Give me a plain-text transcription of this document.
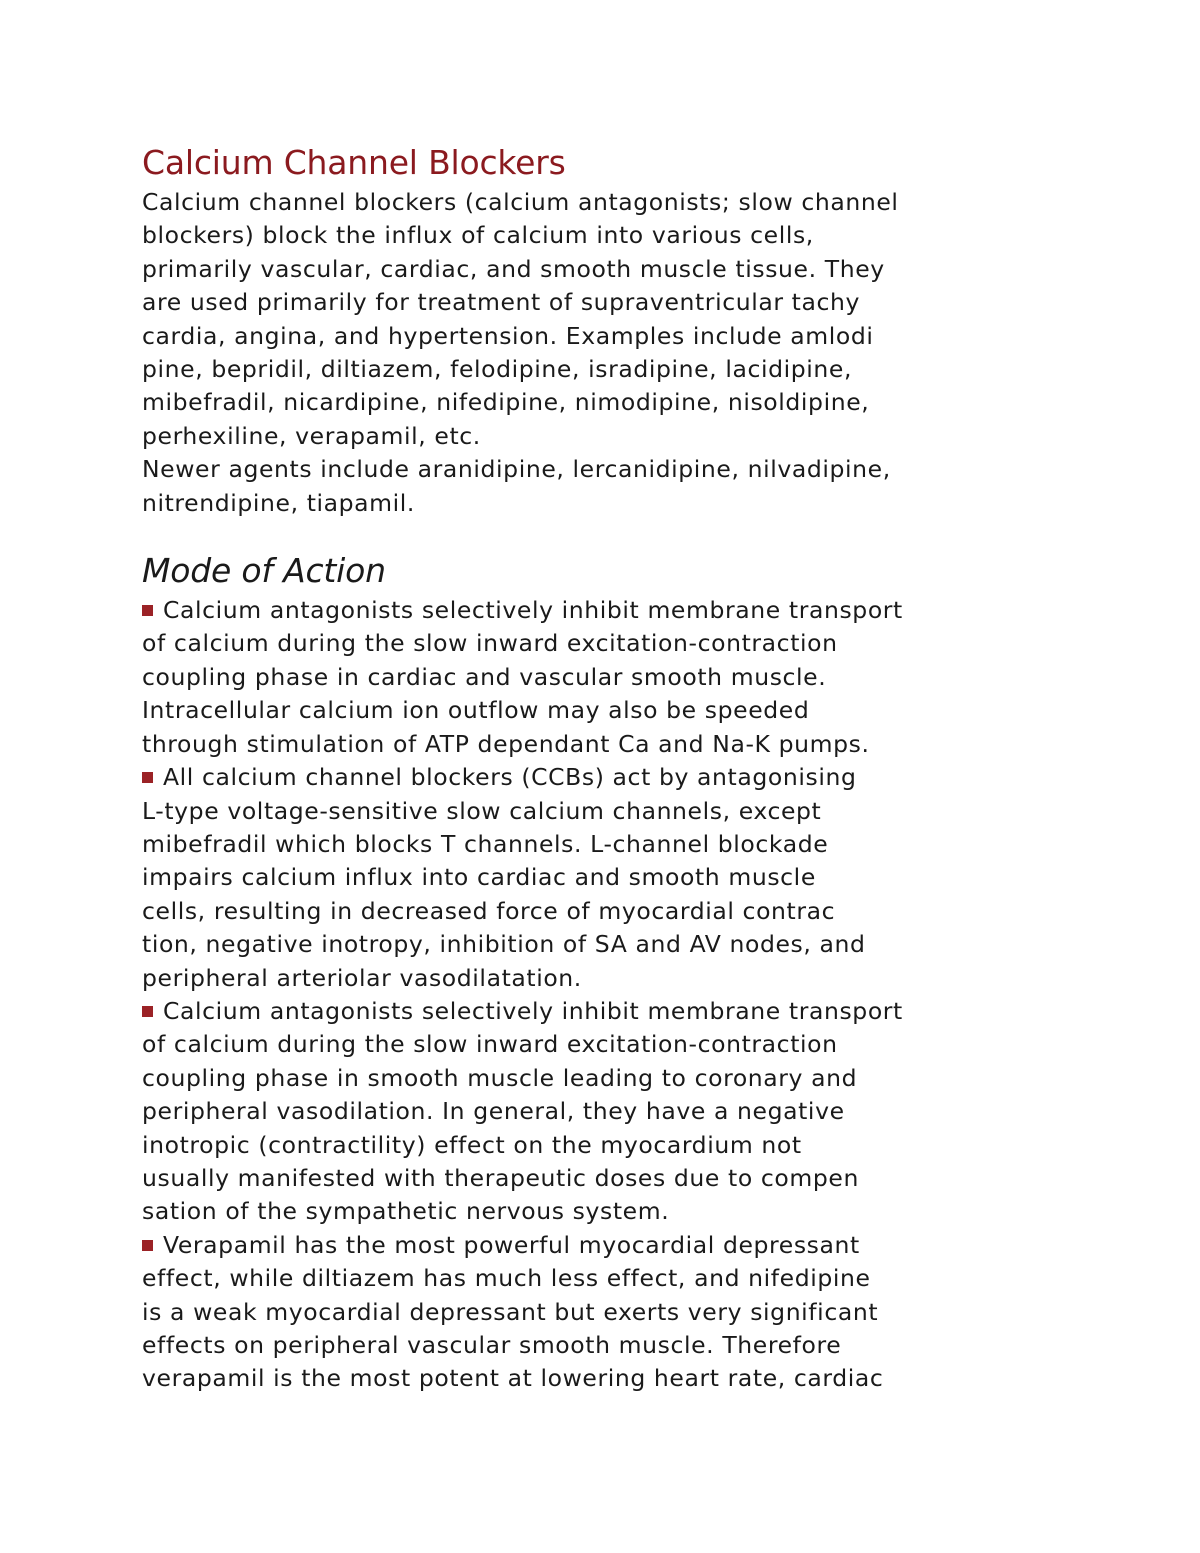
Calcium Channel Blockers
Calcium channel blockers (calcium antagonists; slow channel
blockers) block the influx of calcium into various cells,
primarily vascular, cardiac, and smooth muscle tissue. They
are used primarily for treatment of supraventricular tachy
cardia, angina, and hypertension. Examples include amlodi
pine, bepridil, diltiazem, felodipine, isradipine, lacidipine,
mibefradil, nicardipine, nifedipine, nimodipine, nisoldipine,
perhexiline, verapamil, etc.
Newer agents include aranidipine, lercanidipine, nilvadipine,
nitrendipine, tiapamil.
Mode of Action
Calcium antagonists selectively inhibit membrane transport
of calcium during the slow inward excitation-contraction
coupling phase in cardiac and vascular smooth muscle.
Intracellular calcium ion outflow may also be speeded
through stimulation of ATP dependant Ca and Na-K pumps.
All calcium channel blockers (CCBs) act by antagonising
L-type voltage-sensitive slow calcium channels, except
mibefradil which blocks T channels. L-channel blockade
impairs calcium influx into cardiac and smooth muscle
cells, resulting in decreased force of myocardial contrac
tion, negative inotropy, inhibition of SA and AV nodes, and
peripheral arteriolar vasodilatation.
Calcium antagonists selectively inhibit membrane transport
of calcium during the slow inward excitation-contraction
coupling phase in smooth muscle leading to coronary and
peripheral vasodilation. In general, they have a negative
inotropic (contractility) effect on the myocardium not
usually manifested with therapeutic doses due to compen
sation of the sympathetic nervous system.
Verapamil has the most powerful myocardial depressant
effect, while diltiazem has much less effect, and nifedipine
is a weak myocardial depressant but exerts very significant
effects on peripheral vascular smooth muscle. Therefore
verapamil is the most potent at lowering heart rate, cardiac
